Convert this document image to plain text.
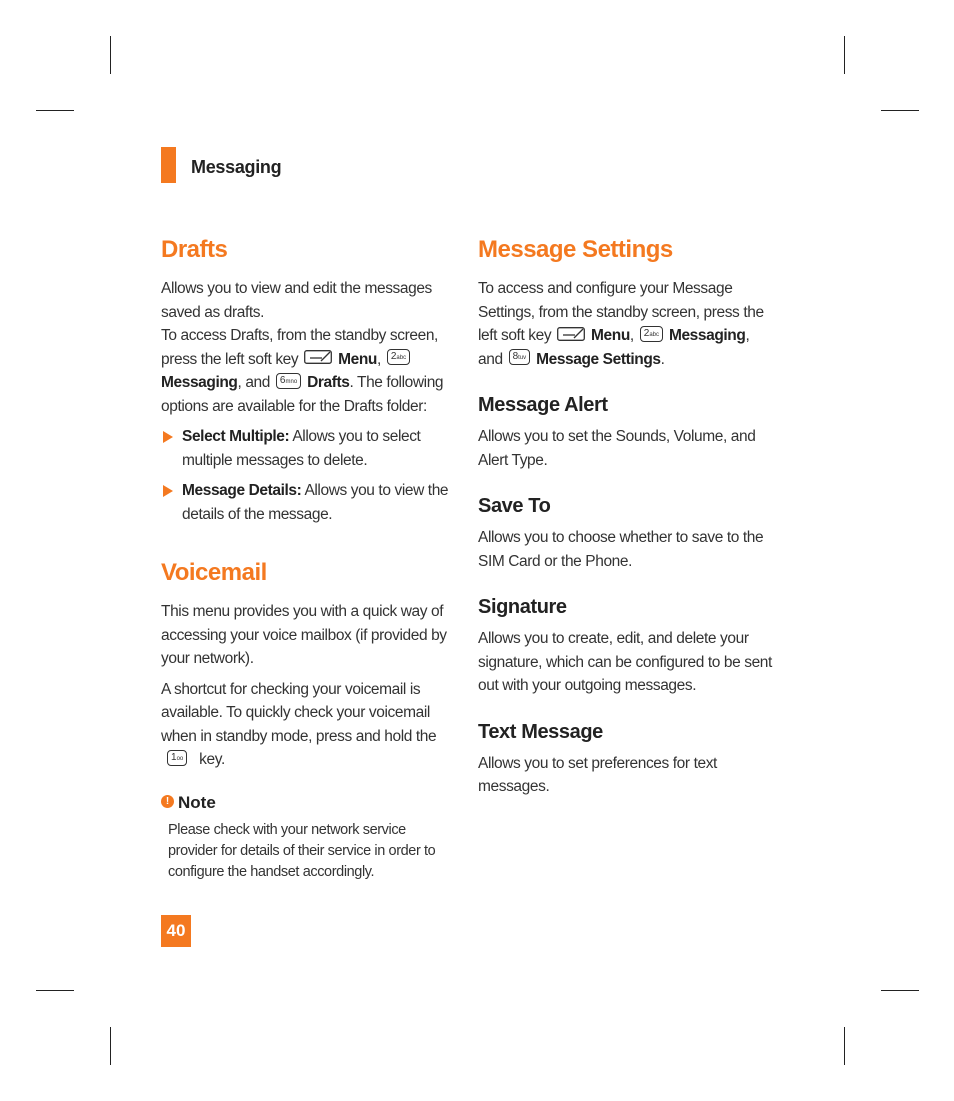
Messaging
Drafts

Allows you to view and edit the messages saved as drafts.

To access Drafts, from the standby screen, press the left soft key	Menu, 2abc Messaging, and 6mno Drafts. The following options are available for the Drafts folder:

Select Multiple: Allows you to select multiple messages to delete.
Message Details: Allows you to view the details of the message.
Voicemail

This menu provides you with a quick way of accessing your voice mailbox (if provided by your network).

A shortcut for checking your voicemail is available. To quickly check your voicemail when in standby mode, press and hold the 1oo key.

! Note

Please check with your network service provider for details of their service in order to configure the handset accordingly.

Message Settings

To access and configure your Message Settings, from the standby screen, press the left soft key	Menu, 2abc Messaging, and 8tuv Message Settings.

Message Alert

Allows you to set the Sounds, Volume, and Alert Type.

Save To

Allows you to choose whether to save to the SIM Card or the Phone.

Signature

Allows you to create, edit, and delete your signature, which can be configured to be sent out with your outgoing messages.

Text Message

Allows you to set preferences for text messages.

40
